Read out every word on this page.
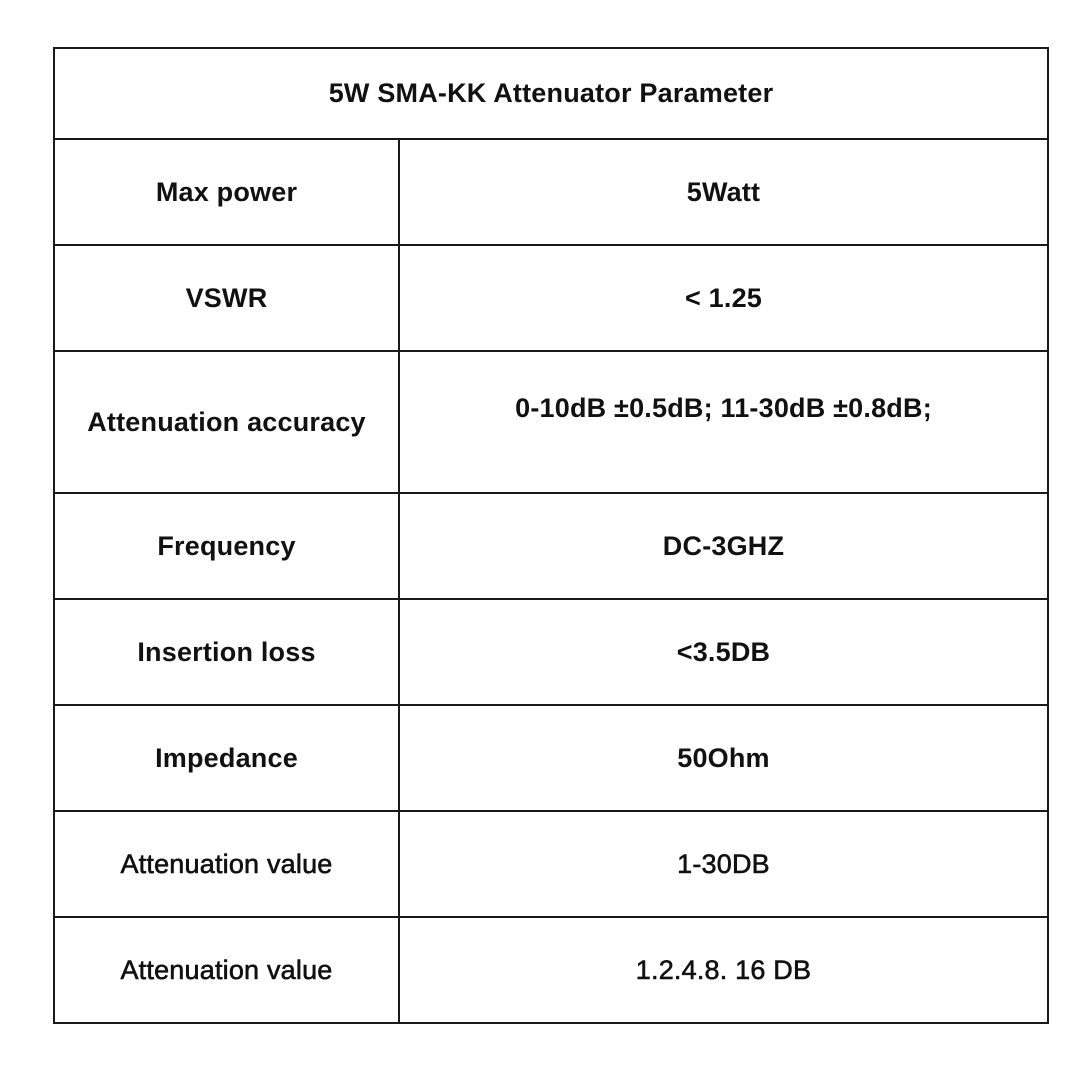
5W SMA-KK Attenuator Parameter	
Max power	5Watt
VSWR	< 1.25
Attenuation accuracy	0-10dB ±0.5dB; 11-30dB ±0.8dB;
Frequency	DC-3GHZ
Insertion loss	<3.5DB
Impedance	50Ohm
Attenuation value	1-30DB
Attenuation value	1.2.4.8. 16 DB
